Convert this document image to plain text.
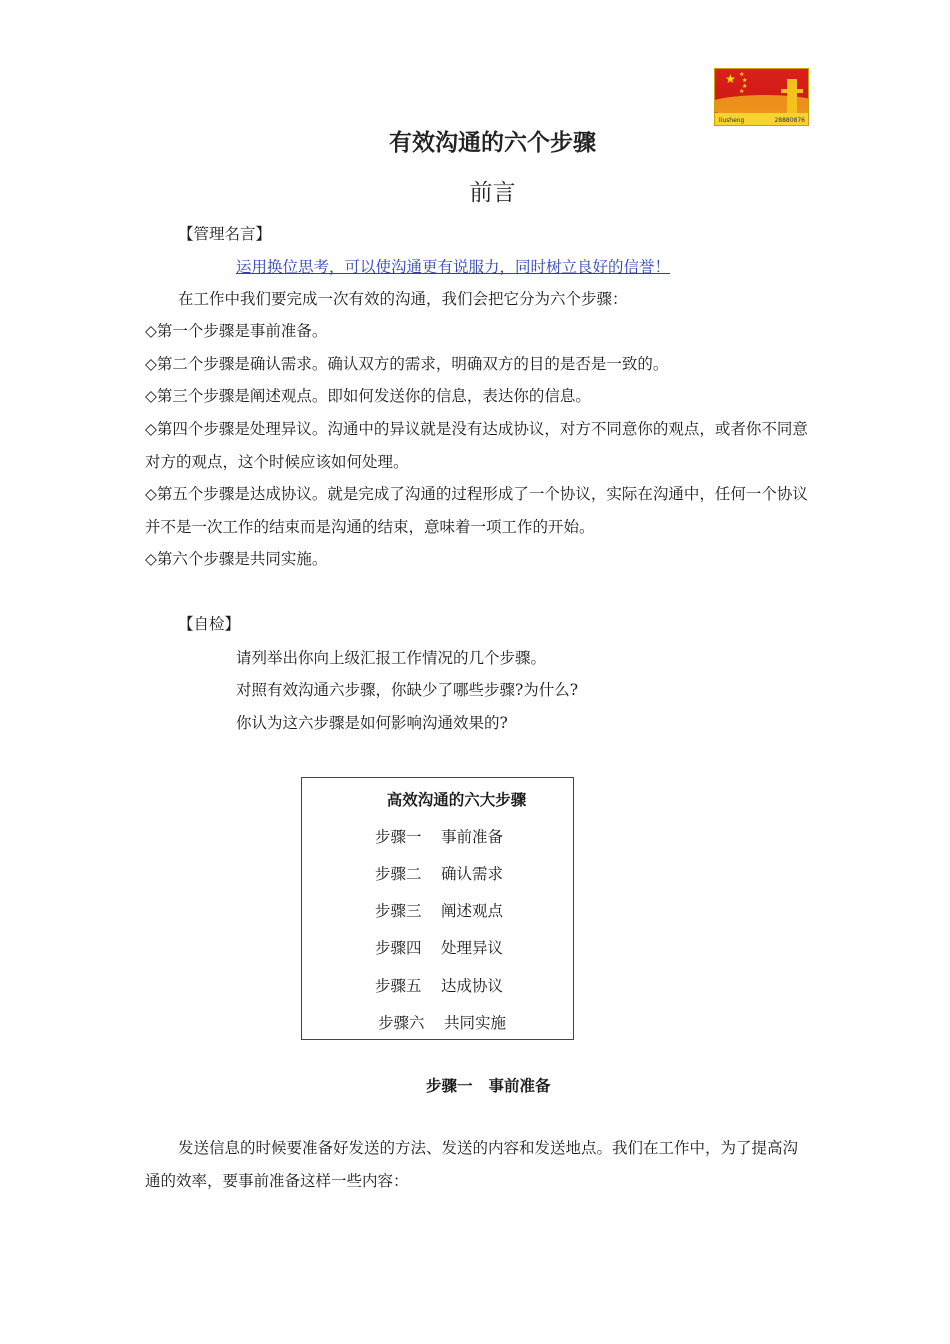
★ ★
★
★
★
liusheng	28880876
有效沟通的六个步骤
前言
【管理名言】
运用换位思考，可以使沟通更有说服力，同时树立良好的信誉！
在工作中我们要完成一次有效的沟通，我们会把它分为六个步骤：
◇第一个步骤是事前准备。
◇第二个步骤是确认需求。确认双方的需求，明确双方的目的是否是一致的。
◇第三个步骤是阐述观点。即如何发送你的信息，表达你的信息。
◇第四个步骤是处理异议。沟通中的异议就是没有达成协议，对方不同意你的观点，或者你不同意对方的观点，这个时候应该如何处理。
◇第五个步骤是达成协议。就是完成了沟通的过程形成了一个协议，实际在沟通中，任何一个协议并不是一次工作的结束而是沟通的结束，意味着一项工作的开始。
◇第六个步骤是共同实施。
【自检】
请列举出你向上级汇报工作情况的几个步骤。
对照有效沟通六步骤，你缺少了哪些步骤?为什么?
你认为这六步骤是如何影响沟通效果的?
高效沟通的六大步骤
步骤一 事前准备
步骤二 确认需求
步骤三 阐述观点
步骤四 处理异议
步骤五 达成协议
步骤六 共同实施
步骤一 事前准备
发送信息的时候要准备好发送的方法、发送的内容和发送地点。我们在工作中，为了提高沟通的效率，要事前准备这样一些内容：
